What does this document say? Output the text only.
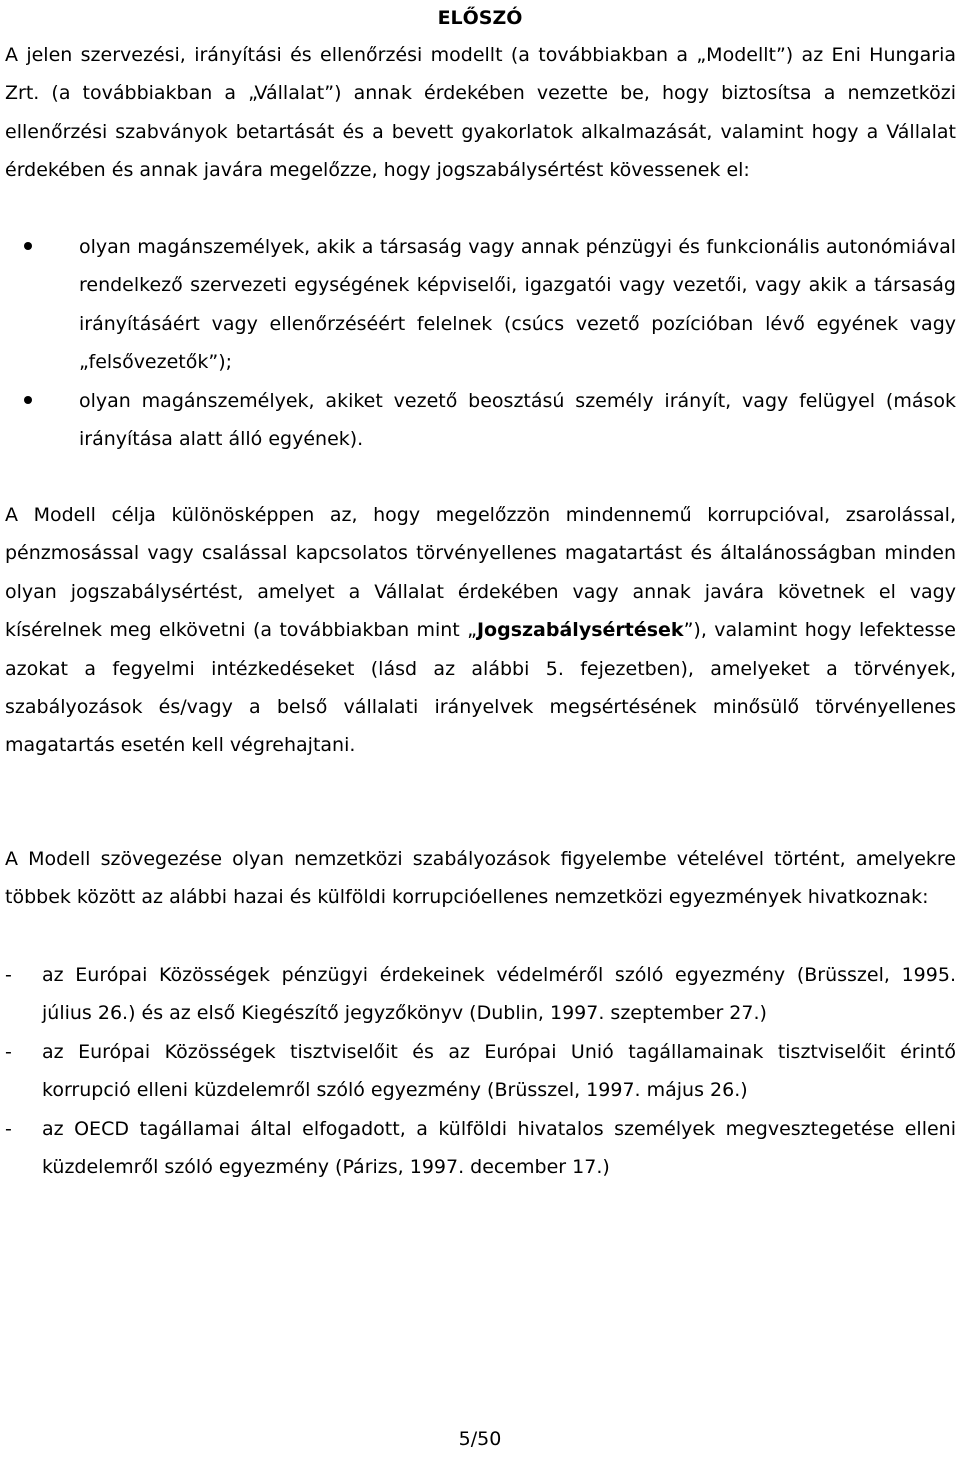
ELŐSZÓ

A jelen szervezési, irányítási és ellenőrzési modellt (a továbbiakban a „Modellt”) az Eni Hungaria Zrt. (a továbbiakban a „Vállalat”) annak érdekében vezette be, hogy biztosítsa a nemzetközi ellenőrzési szabványok betartását és a bevett gyakorlatok alkalmazását, valamint hogy a Vállalat érdekében és annak javára megelőzze, hogy jogszabálysértést kövessenek el:

olyan magánszemélyek, akik a társaság vagy annak pénzügyi és funkcionális autonómiával rendelkező szervezeti egységének képviselői, igazgatói vagy vezetői, vagy akik a társaság irányításáért vagy ellenőrzéséért felelnek (csúcs vezető pozícióban lévő egyének vagy „felsővezetők”);
olyan magánszemélyek, akiket vezető beosztású személy irányít, vagy felügyel (mások irányítása alatt álló egyének).

A Modell célja különösképpen az, hogy megelőzzön mindennemű korrupcióval, zsarolással, pénzmosással vagy csalással kapcsolatos törvényellenes magatartást és általánosságban minden olyan jogszabálysértést, amelyet a Vállalat érdekében vagy annak javára követnek el vagy kísérelnek meg elkövetni (a továbbiakban mint „Jogszabálysértések”), valamint hogy lefektesse azokat a fegyelmi intézkedéseket (lásd az alábbi 5. fejezetben), amelyeket a törvények, szabályozások és/vagy a belső vállalati irányelvek megsértésének minősülő törvényellenes magatartás esetén kell végrehajtani.

A Modell szövegezése olyan nemzetközi szabályozások figyelembe vételével történt, amelyekre többek között az alábbi hazai és külföldi korrupcióellenes nemzetközi egyezmények hivatkoznak:

- az Európai Közösségek pénzügyi érdekeinek védelméről szóló egyezmény (Brüsszel, 1995. július 26.) és az első Kiegészítő jegyzőkönyv (Dublin, 1997. szeptember 27.)
- az Európai Közösségek tisztviselőit és az Európai Unió tagállamainak tisztviselőit érintő korrupció elleni küzdelemről szóló egyezmény (Brüsszel, 1997. május 26.)
- az OECD tagállamai által elfogadott, a külföldi hivatalos személyek megvesztegetése elleni küzdelemről szóló egyezmény (Párizs, 1997. december 17.)
5/50
